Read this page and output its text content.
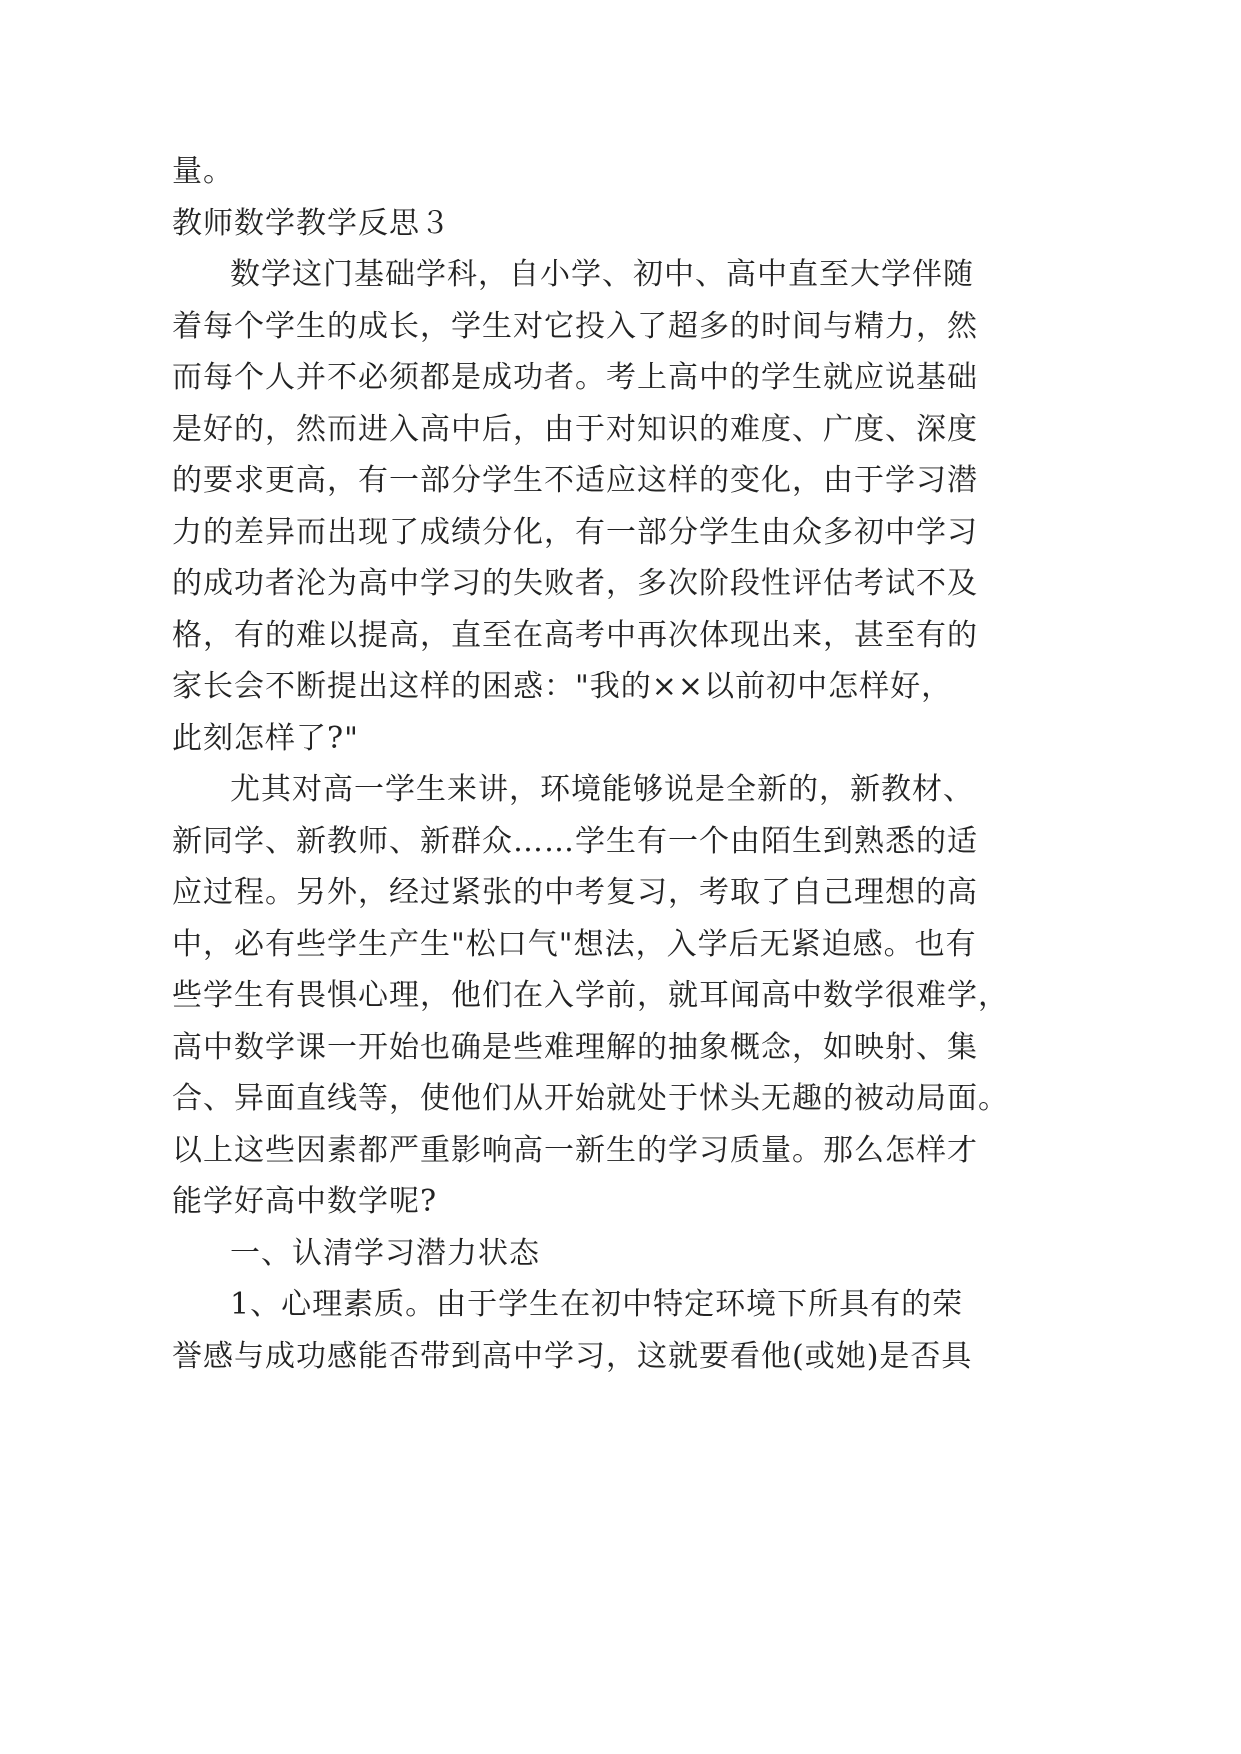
量。
教师数学教学反思３
数学这门基础学科，自小学、初中、高中直至大学伴随
着每个学生的成长，学生对它投入了超多的时间与精力，然
而每个人并不必须都是成功者。考上高中的学生就应说基础
是好的，然而进入高中后，由于对知识的难度、广度、深度
的要求更高，有一部分学生不适应这样的变化，由于学习潜
力的差异而出现了成绩分化，有一部分学生由众多初中学习
的成功者沦为高中学习的失败者，多次阶段性评估考试不及
格，有的难以提高，直至在高考中再次体现出来，甚至有的
家长会不断提出这样的困惑："我的××以前初中怎样好，
此刻怎样了?"
尤其对高一学生来讲，环境能够说是全新的，新教材、
新同学、新教师、新群众……学生有一个由陌生到熟悉的适
应过程。另外，经过紧张的中考复习，考取了自己理想的高
中，必有些学生产生"松口气"想法，入学后无紧迫感。也有
些学生有畏惧心理，他们在入学前，就耳闻高中数学很难学，
高中数学课一开始也确是些难理解的抽象概念，如映射、集
合、异面直线等，使他们从开始就处于怵头无趣的被动局面。
以上这些因素都严重影响高一新生的学习质量。那么怎样才
能学好高中数学呢?
一、认清学习潜力状态
1、心理素质。由于学生在初中特定环境下所具有的荣
誉感与成功感能否带到高中学习，这就要看他(或她)是否具
